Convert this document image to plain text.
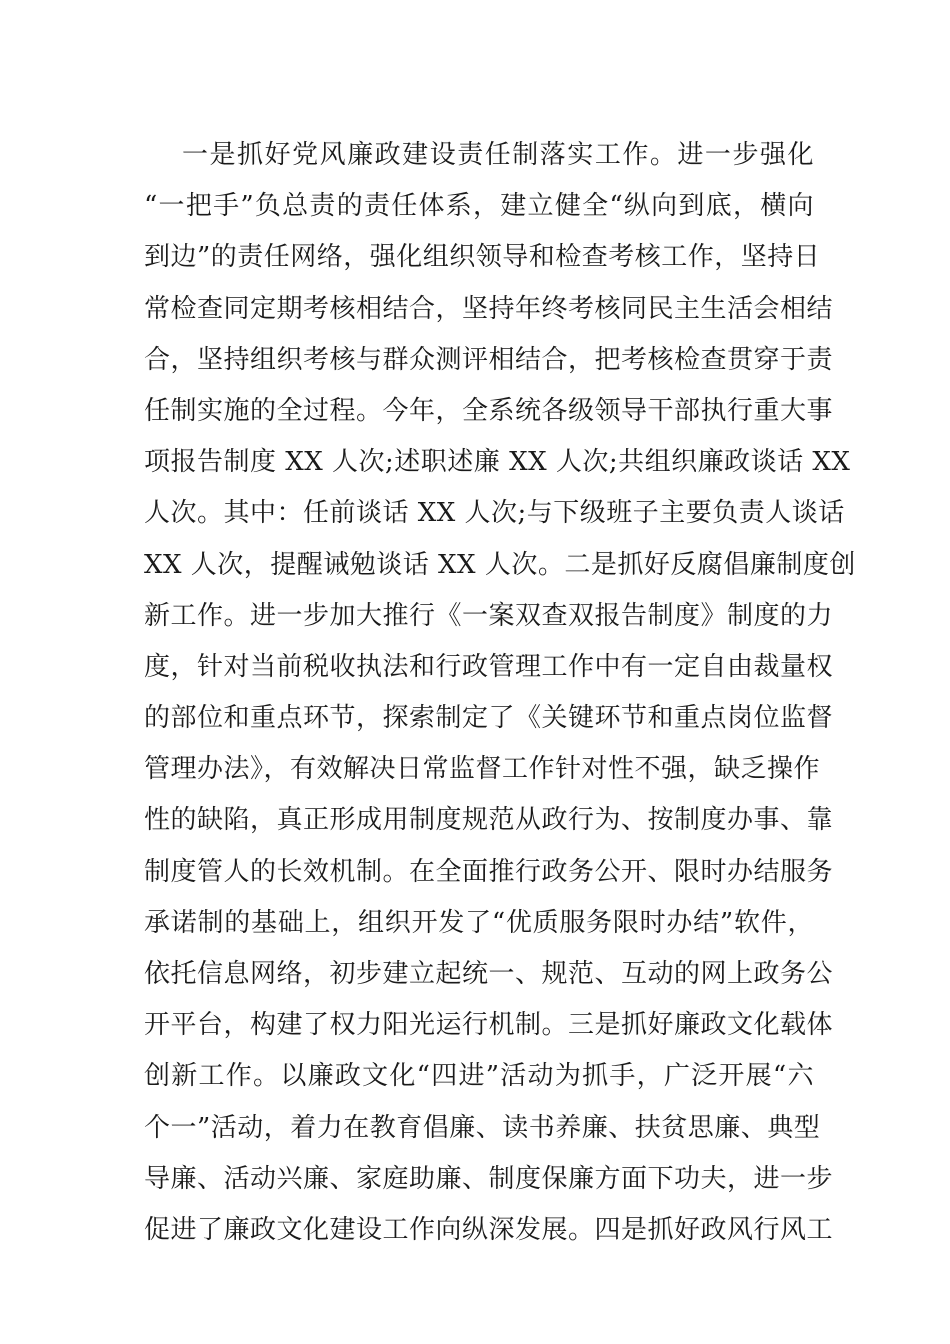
一是抓好党风廉政建设责任制落实工作。进一步强化
“一把手”负总责的责任体系，建立健全“纵向到底，横向
到边”的责任网络，强化组织领导和检查考核工作，坚持日
常检查同定期考核相结合，坚持年终考核同民主生活会相结
合，坚持组织考核与群众测评相结合，把考核检查贯穿于责
任制实施的全过程。今年，全系统各级领导干部执行重大事
项报告制度 XX 人次;述职述廉 XX 人次;共组织廉政谈话 XX
人次。其中：任前谈话 XX 人次;与下级班子主要负责人谈话
XX 人次，提醒诫勉谈话 XX 人次。二是抓好反腐倡廉制度创
新工作。进一步加大推行《一案双查双报告制度》制度的力
度，针对当前税收执法和行政管理工作中有一定自由裁量权
的部位和重点环节，探索制定了《关键环节和重点岗位监督
管理办法》，有效解决日常监督工作针对性不强，缺乏操作
性的缺陷，真正形成用制度规范从政行为、按制度办事、靠
制度管人的长效机制。在全面推行政务公开、限时办结服务
承诺制的基础上，组织开发了“优质服务限时办结”软件，
依托信息网络，初步建立起统一、规范、互动的网上政务公
开平台，构建了权力阳光运行机制。三是抓好廉政文化载体
创新工作。以廉政文化“四进”活动为抓手，广泛开展“六
个一”活动，着力在教育倡廉、读书养廉、扶贫思廉、典型
导廉、活动兴廉、家庭助廉、制度保廉方面下功夫，进一步
促进了廉政文化建设工作向纵深发展。四是抓好政风行风工
